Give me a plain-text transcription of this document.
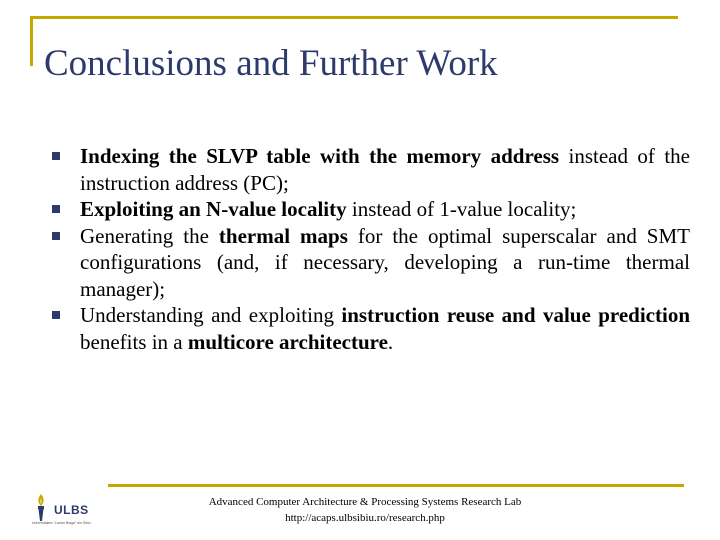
Conclusions and Further Work
Indexing the SLVP table with the memory address instead of the instruction address (PC);
Exploiting an N-value locality instead of 1-value locality;
Generating the thermal maps for the optimal superscalar and SMT configurations (and, if necessary, developing a run-time thermal manager);
Understanding and exploiting instruction reuse and value prediction benefits in a multicore architecture.
ULBS
Universitatea "Lucian Blaga" din Sibiu
Advanced Computer Architecture & Processing Systems Research Lab
http://acaps.ulbsibiu.ro/research.php
